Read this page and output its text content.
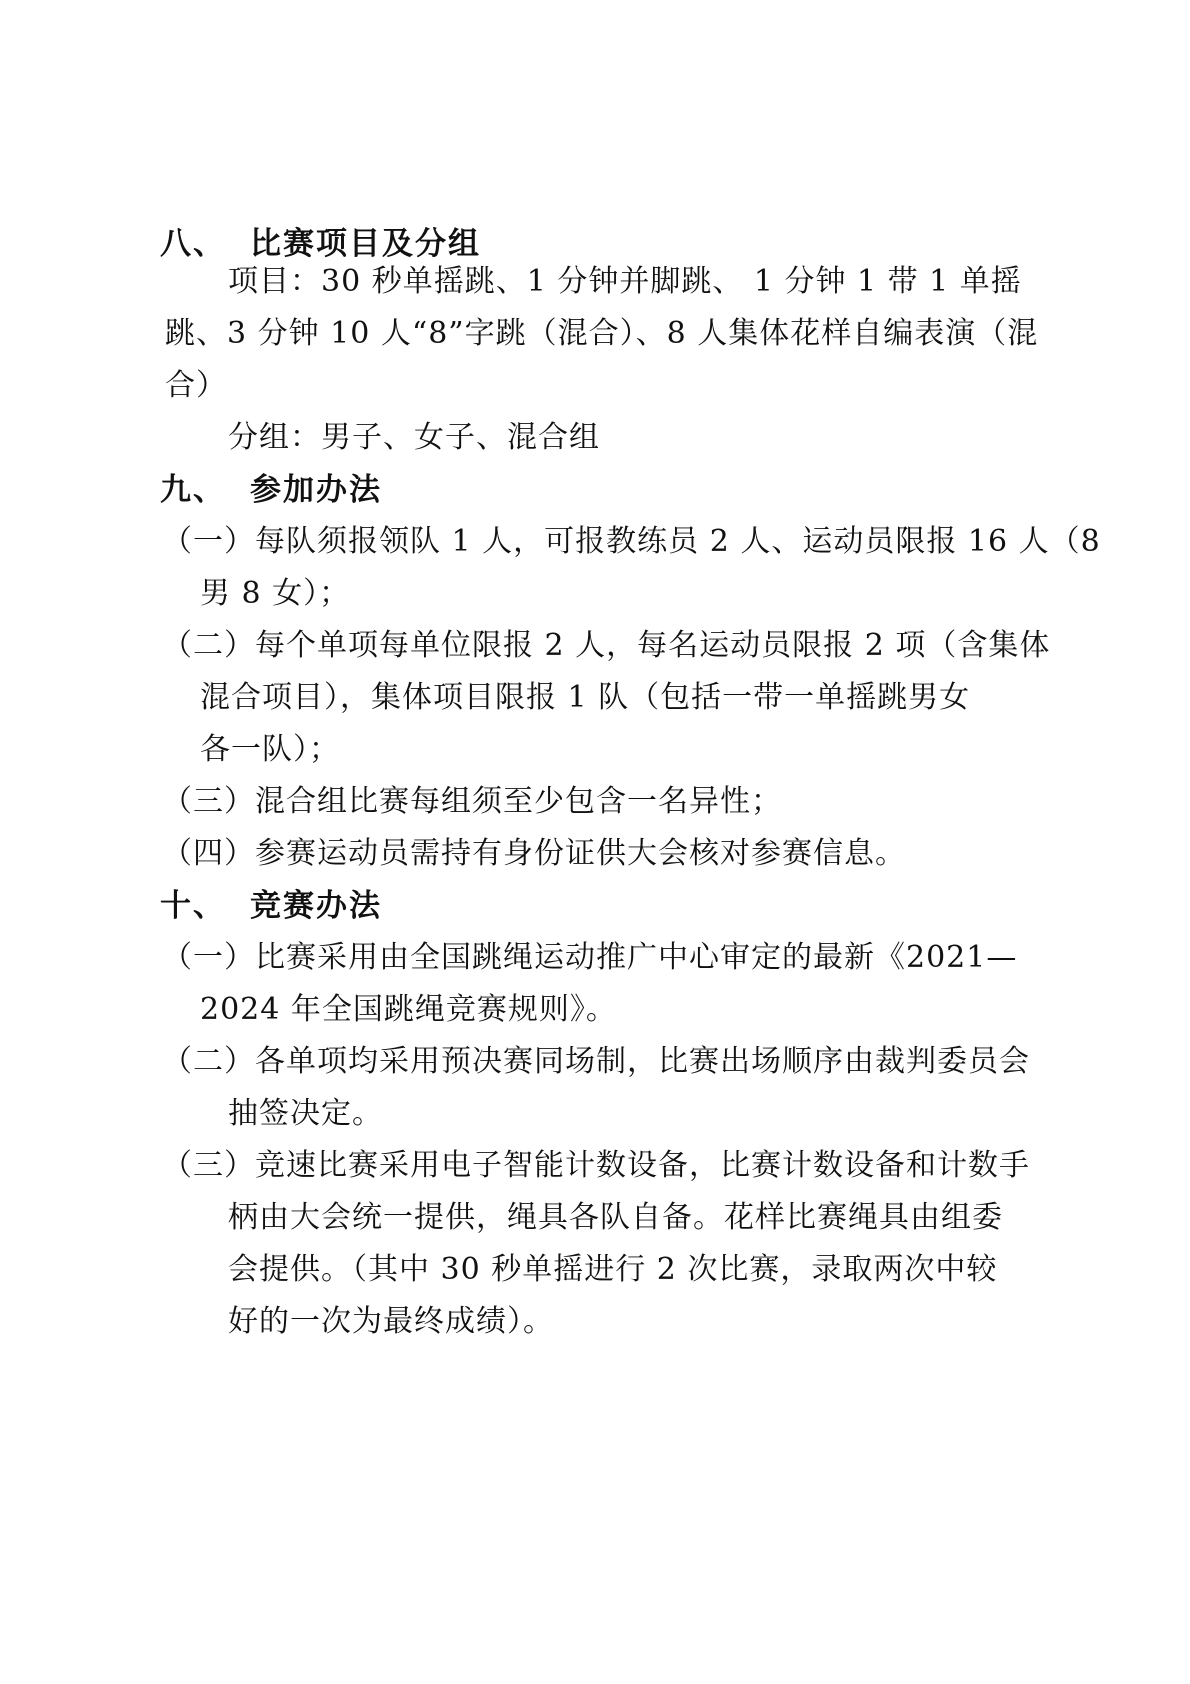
八、 比赛项目及分组
项目：30 秒单摇跳、1 分钟并脚跳、 1 分钟 1 带 1 单摇
跳、3 分钟 10 人“8”字跳（混合）、8 人集体花样自编表演（混
合）
分组：男子、女子、混合组
九、 参加办法
（一）每队须报领队 1 人，可报教练员 2 人、运动员限报 16 人（8
男 8 女）；
（二）每个单项每单位限报 2 人，每名运动员限报 2 项（含集体
混合项目），集体项目限报 1 队（包括一带一单摇跳男女
各一队）；
（三）混合组比赛每组须至少包含一名异性；
（四）参赛运动员需持有身份证供大会核对参赛信息。
十、 竞赛办法
（一）比赛采用由全国跳绳运动推广中心审定的最新《2021—
2024 年全国跳绳竞赛规则》。
（二）各单项均采用预决赛同场制，比赛出场顺序由裁判委员会
抽签决定。
（三）竞速比赛采用电子智能计数设备，比赛计数设备和计数手
柄由大会统一提供，绳具各队自备。花样比赛绳具由组委
会提供。（其中 30 秒单摇进行 2 次比赛，录取两次中较
好的一次为最终成绩）。
